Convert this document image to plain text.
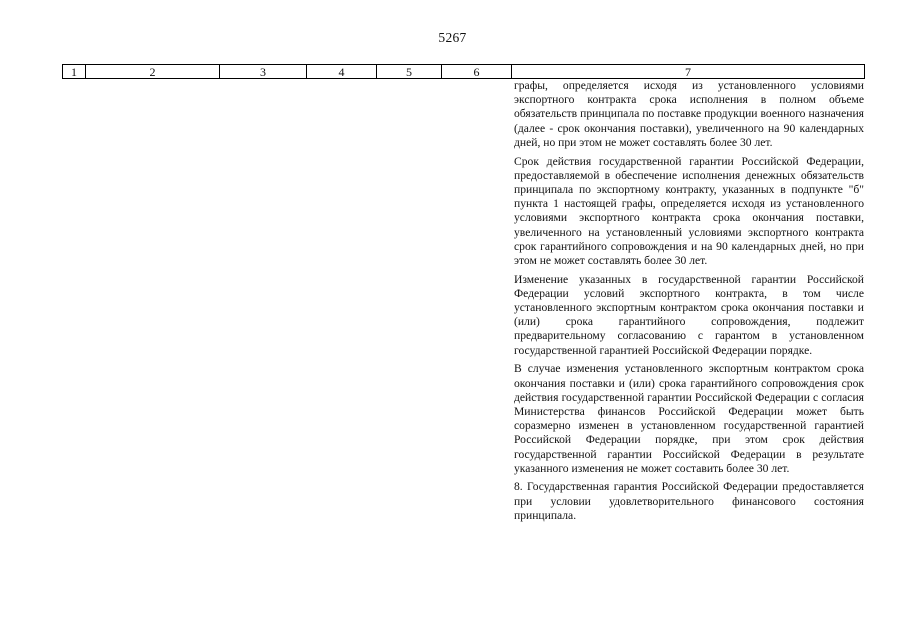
5267
1	2	3	4	5	6	7

графы, определяется исходя из установленного условиями экспортного контракта срока исполнения в полном объеме обязательств принципала по поставке продукции военного назначения (далее - срок окончания поставки), увеличенного на 90 календарных дней, но при этом не может составлять более 30 лет.

Срок действия государственной гарантии Российской Федерации, предоставляемой в обеспечение исполнения денежных обязательств принципала по экспортному контракту, указанных в подпункте "б" пункта 1 настоящей графы, определяется исходя из установленного условиями экспортного контракта срока окончания поставки, увеличенного на установленный условиями экспортного контракта срок гарантийного сопровождения и на 90 календарных дней, но при этом не может составлять более 30 лет.

Изменение указанных в государственной гарантии Российской Федерации условий экспортного контракта, в том числе установленного экспортным контрактом срока окончания поставки и (или) срока гарантийного сопровождения, подлежит предварительному согласованию с гарантом в установленном государственной гарантией Российской Федерации порядке.

В случае изменения установленного экспортным контрактом срока окончания поставки и (или) срока гарантийного сопровождения срок действия государственной гарантии Российской Федерации с согласия Министерства финансов Российской Федерации может быть соразмерно изменен в установленном государственной гарантией Российской Федерации порядке, при этом срок действия государственной гарантии Российской Федерации в результате указанного изменения не может составить более 30 лет.

8. Государственная гарантия Российской Федерации предоставляется при условии удовлетворительного финансового состояния принципала.
